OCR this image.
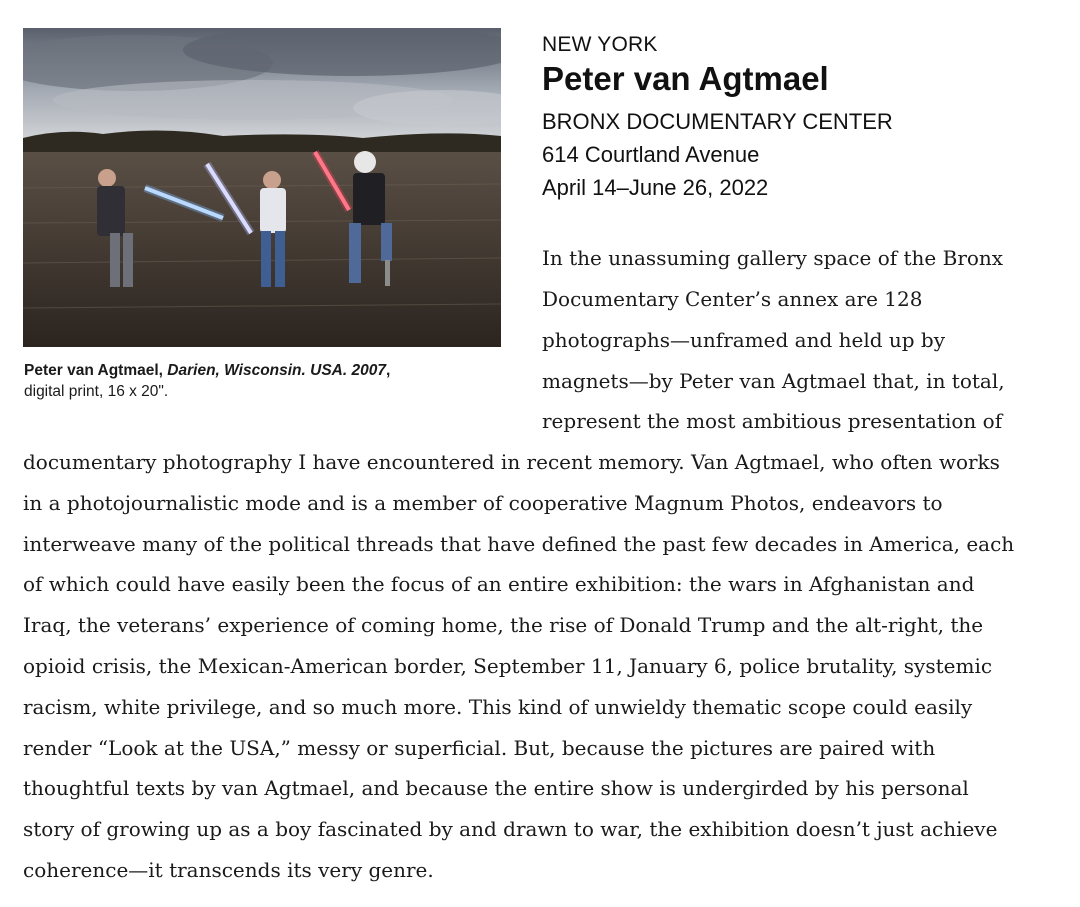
Peter van Agtmael, Darien, Wisconsin. USA. 2007,
digital print, 16 x 20".
NEW YORK
Peter van Agtmael
BRONX DOCUMENTARY CENTER
614 Courtland Avenue
April 14–June 26, 2022
In the unassuming gallery space of the Bronx
Documentary Center’s annex are 128
photographs—unframed and held up by
magnets—by Peter van Agtmael that, in total,
represent the most ambitious presentation of
documentary photography I have encountered in recent memory. Van Agtmael, who often works
in a photojournalistic mode and is a member of cooperative Magnum Photos, endeavors to
interweave many of the political threads that have defined the past few decades in America, each
of which could have easily been the focus of an entire exhibition: the wars in Afghanistan and
Iraq, the veterans’ experience of coming home, the rise of Donald Trump and the alt-right, the
opioid crisis, the Mexican-American border, September 11, January 6, police brutality, systemic
racism, white privilege, and so much more. This kind of unwieldy thematic scope could easily
render “Look at the USA,” messy or superficial. But, because the pictures are paired with
thoughtful texts by van Agtmael, and because the entire show is undergirded by his personal
story of growing up as a boy fascinated by and drawn to war, the exhibition doesn’t just achieve
coherence—it transcends its very genre.
